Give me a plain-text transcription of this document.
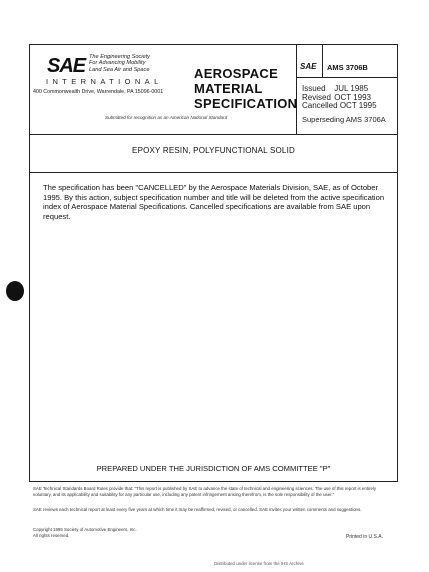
SAE The Engineering Society
For Advancing Mobility
Land Sea Air and Space
INTERNATIONAL
400 Commonwealth Drive, Warrendale, PA 15096-0001
Submitted for recognition as an American National Standard
AEROSPACE
MATERIAL
SPECIFICATION
SAE AMS 3706B
Issued JUL 1985
Revised OCT 1993
Cancelled OCT 1995
Superseding AMS 3706A
EPOXY RESIN, POLYFUNCTIONAL SOLID
The specification has been "CANCELLED" by the Aerospace Materials Division, SAE, as of October 1995. By this action, subject specification number and title will be deleted from the active specification index of Aerospace Material Specifications. Cancelled specifications are available from SAE upon request.
PREPARED UNDER THE JURISDICTION OF AMS COMMITTEE "P"
SAE Technical Standards Board Rules provide that: "This report is published by SAE to advance the state of technical and engineering sciences. The use of this report is entirely voluntary, and its applicability and suitability for any particular use, including any patent infringement arising therefrom, is the sole responsibility of the user."
SAE reviews each technical report at least every five years at which time it may be reaffirmed, revised, or cancelled. SAE invites your written comments and suggestions.
Copyright 1995 Society of Automotive Engineers, Inc.
All rights reserved.	Printed in U.S.A.
Distributed under license from the IHS Archive
